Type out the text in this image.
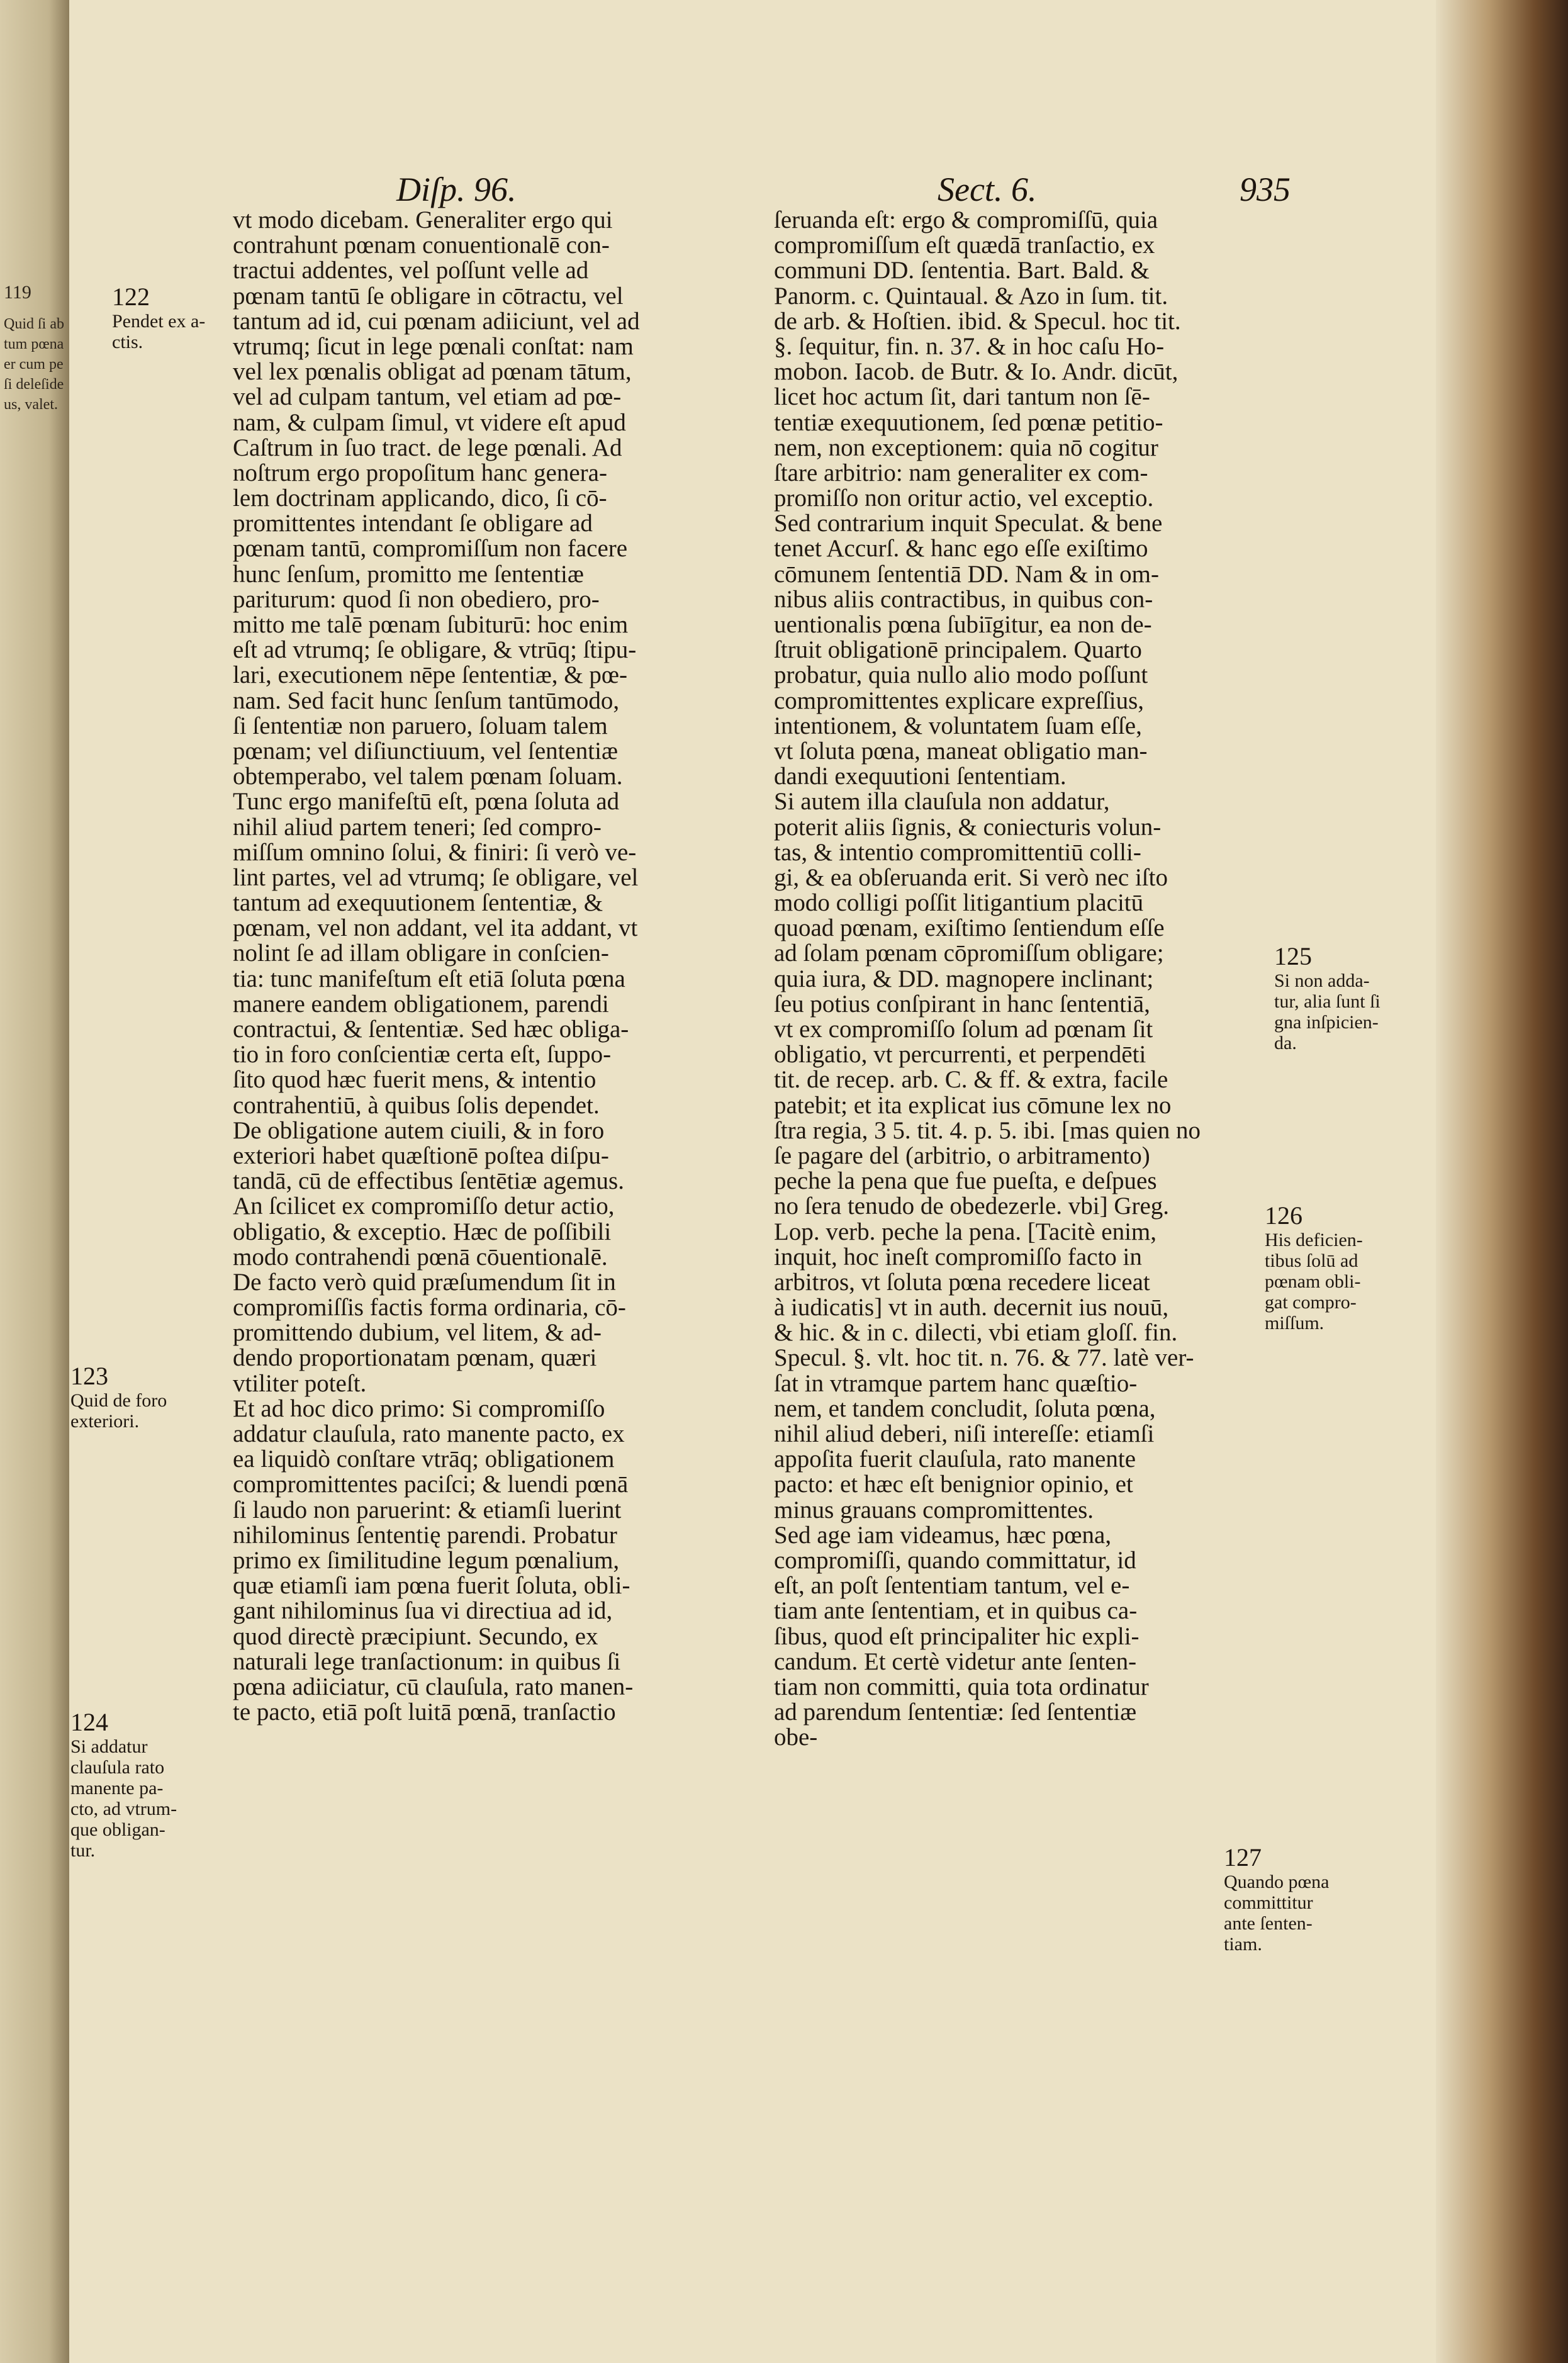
119
Quid ſi ab
tum pœna
er cum pe
ſi deleſide
us, valet.
Diſp. 96.	Sect. 6.	935
vt modo dicebam. Generaliter ergo qui
contrahunt pœnam conuentionalē con-
tractui addentes, vel poſſunt velle ad
pœnam tantū ſe obligare in cōtractu, vel
tantum ad id, cui pœnam adiiciunt, vel ad
vtrumq; ſicut in lege pœnali conſtat: nam
vel lex pœnalis obligat ad pœnam tātum,
vel ad culpam tantum, vel etiam ad pœ-
nam, & culpam ſimul, vt videre eſt apud
Caſtrum in ſuo tract. de lege pœnali. Ad
noſtrum ergo propoſitum hanc genera-
lem doctrinam applicando, dico, ſi cō-
promittentes intendant ſe obligare ad
pœnam tantū, compromiſſum non facere
hunc ſenſum, promitto me ſententiæ
pariturum: quod ſi non obediero, pro-
mitto me talē pœnam ſubiturū: hoc enim
eſt ad vtrumq; ſe obligare, & vtrūq; ſtipu-
lari, executionem nēpe ſententiæ, & pœ-
nam. Sed facit hunc ſenſum tantūmodo,
ſi ſententiæ non paruero, ſoluam talem
pœnam; vel diſiunctiuum, vel ſententiæ
obtemperabo, vel talem pœnam ſoluam.
Tunc ergo manifeſtū eſt, pœna ſoluta ad
nihil aliud partem teneri; ſed compro-
miſſum omnino ſolui, & finiri: ſi verò ve-
lint partes, vel ad vtrumq; ſe obligare, vel
tantum ad exequutionem ſententiæ, &
pœnam, vel non addant, vel ita addant, vt
nolint ſe ad illam obligare in conſcien-
tia: tunc manifeſtum eſt etiā ſoluta pœna
manere eandem obligationem, parendi
contractui, & ſententiæ. Sed hæc obliga-
tio in foro conſcientiæ certa eſt, ſuppo-
ſito quod hæc fuerit mens, & intentio
contrahentiū, à quibus ſolis dependet.
De obligatione autem ciuili, & in foro
exteriori habet quæſtionē poſtea diſpu-
tandā, cū de effectibus ſentētiæ agemus.
An ſcilicet ex compromiſſo detur actio,
obligatio, & exceptio. Hæc de poſſibili
modo contrahendi pœnā cōuentionalē.
De facto verò quid præſumendum ſit in
compromiſſis factis forma ordinaria, cō-
promittendo dubium, vel litem, & ad-
dendo proportionatam pœnam, quæri
vtiliter poteſt.
Et ad hoc dico primo: Si compromiſſo
addatur clauſula, rato manente pacto, ex
ea liquidò conſtare vtrāq; obligationem
compromittentes paciſci; & luendi pœnā
ſi laudo non paruerint: & etiamſi luerint
nihilominus ſententię parendi. Probatur
primo ex ſimilitudine legum pœnalium,
quæ etiamſi iam pœna fuerit ſoluta, obli-
gant nihilominus ſua vi directiua ad id,
quod directè præcipiunt. Secundo, ex
naturali lege tranſactionum: in quibus ſi
pœna adiiciatur, cū clauſula, rato manen-
te pacto, etiā poſt luitā pœnā, tranſactio
ſeruanda eſt: ergo & compromiſſū, quia
compromiſſum eſt quædā tranſactio, ex
communi DD. ſententia. Bart. Bald. &
Panorm. c. Quintaual. & Azo in ſum. tit.
de arb. & Hoſtien. ibid. & Specul. hoc tit.
§. ſequitur, fin. n. 37. & in hoc caſu Ho-
mobon. Iacob. de Butr. & Io. Andr. dicūt,
licet hoc actum ſit, dari tantum non ſē-
tentiæ exequutionem, ſed pœnæ petitio-
nem, non exceptionem: quia nō cogitur
ſtare arbitrio: nam generaliter ex com-
promiſſo non oritur actio, vel exceptio.
Sed contrarium inquit Speculat. & bene
tenet Accurſ. & hanc ego eſſe exiſtimo
cōmunem ſententiā DD. Nam & in om-
nibus aliis contractibus, in quibus con-
uentionalis pœna ſubiīgitur, ea non de-
ſtruit obligationē principalem. Quarto
probatur, quia nullo alio modo poſſunt
compromittentes explicare expreſſius,
intentionem, & voluntatem ſuam eſſe,
vt ſoluta pœna, maneat obligatio man-
dandi exequutioni ſententiam.
Si autem illa clauſula non addatur,
poterit aliis ſignis, & coniecturis volun-
tas, & intentio compromittentiū colli-
gi, & ea obſeruanda erit. Si verò nec iſto
modo colligi poſſit litigantium placitū
quoad pœnam, exiſtimo ſentiendum eſſe
ad ſolam pœnam cōpromiſſum obligare;
quia iura, & DD. magnopere inclinant;
ſeu potius conſpirant in hanc ſententiā,
vt ex compromiſſo ſolum ad pœnam ſit
obligatio, vt percurrenti, et perpendēti
tit. de recep. arb. C. & ff. & extra, facile
patebit; et ita explicat ius cōmune lex no
ſtra regia, 3 5. tit. 4. p. 5. ibi. [mas quien no
ſe pagare del (arbitrio, o arbitramento)
peche la pena que fue pueſta, e deſpues
no ſera tenudo de obedezerle. vbi] Greg.
Lop. verb. peche la pena. [Tacitè enim,
inquit, hoc ineſt compromiſſo facto in
arbitros, vt ſoluta pœna recedere liceat
à iudicatis] vt in auth. decernit ius nouū,
& hic. & in c. dilecti, vbi etiam gloſſ. fin.
Specul. §. vlt. hoc tit. n. 76. & 77. latè ver-
ſat in vtramque partem hanc quæſtio-
nem, et tandem concludit, ſoluta pœna,
nihil aliud deberi, niſi intereſſe: etiamſi
appoſita fuerit clauſula, rato manente
pacto: et hæc eſt benignior opinio, et
minus grauans compromittentes.
Sed age iam videamus, hæc pœna,
compromiſſi, quando committatur, id
eſt, an poſt ſententiam tantum, vel e-
tiam ante ſententiam, et in quibus ca-
ſibus, quod eſt principaliter hic expli-
candum. Et certè videtur ante ſenten-
tiam non committi, quia tota ordinatur
ad parendum ſententiæ: ſed ſententiæ
obe-
122
Pendet ex a-
ctis.
123
Quid de foro
exteriori.
124
Si addatur
clauſula rato
manente pa-
cto, ad vtrum-
que obligan-
tur.
125
Si non adda-
tur, alia ſunt ſi
gna inſpicien-
da.
126
His deficien-
tibus ſolū ad
pœnam obli-
gat compro-
miſſum.
127
Quando pœna
committitur
ante ſenten-
tiam.
